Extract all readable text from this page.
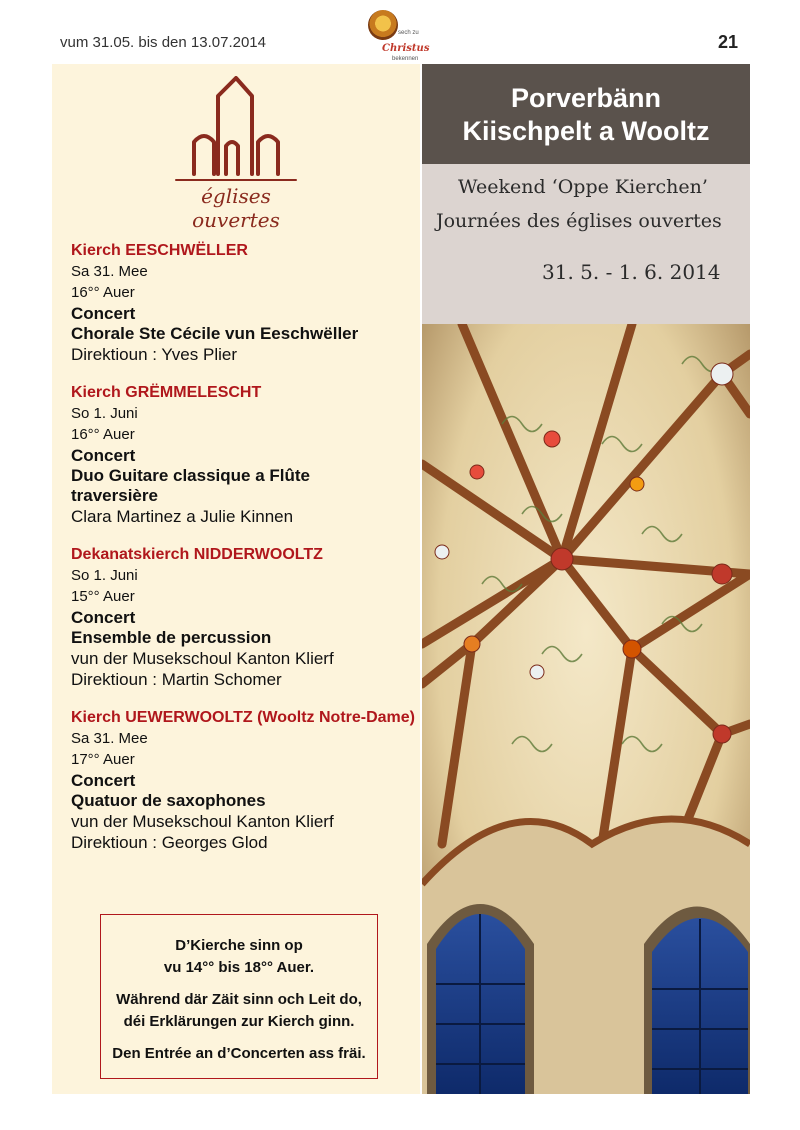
vum 31.05. bis den 13.07.2014
sech zu
Christus
bekennen
21
églises ouvertes
Kierch EESCHWËLLER
Sa 31. Mee
16°° Auer
Concert
Chorale Ste Cécile vun Eeschwëller
Direktioun : Yves Plier
Kierch GRËMMELESCHT
So 1. Juni
16°° Auer
Concert
Duo Guitare classique a Flûte traversière
Clara Martinez a Julie Kinnen
Dekanatskierch NIDDERWOOLTZ
So 1. Juni
15°° Auer
Concert
Ensemble de percussion
vun der Musekschoul Kanton Klierf
Direktioun : Martin Schomer
Kierch UEWERWOOLTZ (Wooltz Notre-Dame)
Sa 31. Mee
17°° Auer
Concert
Quatuor de saxophones
vun der Musekschoul Kanton Klierf
Direktioun : Georges Glod

D’Kierche sinn op

vu 14°° bis 18°° Auer.

Während där Zäit sinn och Leit do,

déi Erklärungen zur Kierch ginn.

Den Entrée an d’Concerten ass fräi.

Porverbänn
Kiischpelt a Wooltz
Weekend ‘Oppe Kierchen’
Journées des églises ouvertes
31. 5. - 1. 6. 2014
